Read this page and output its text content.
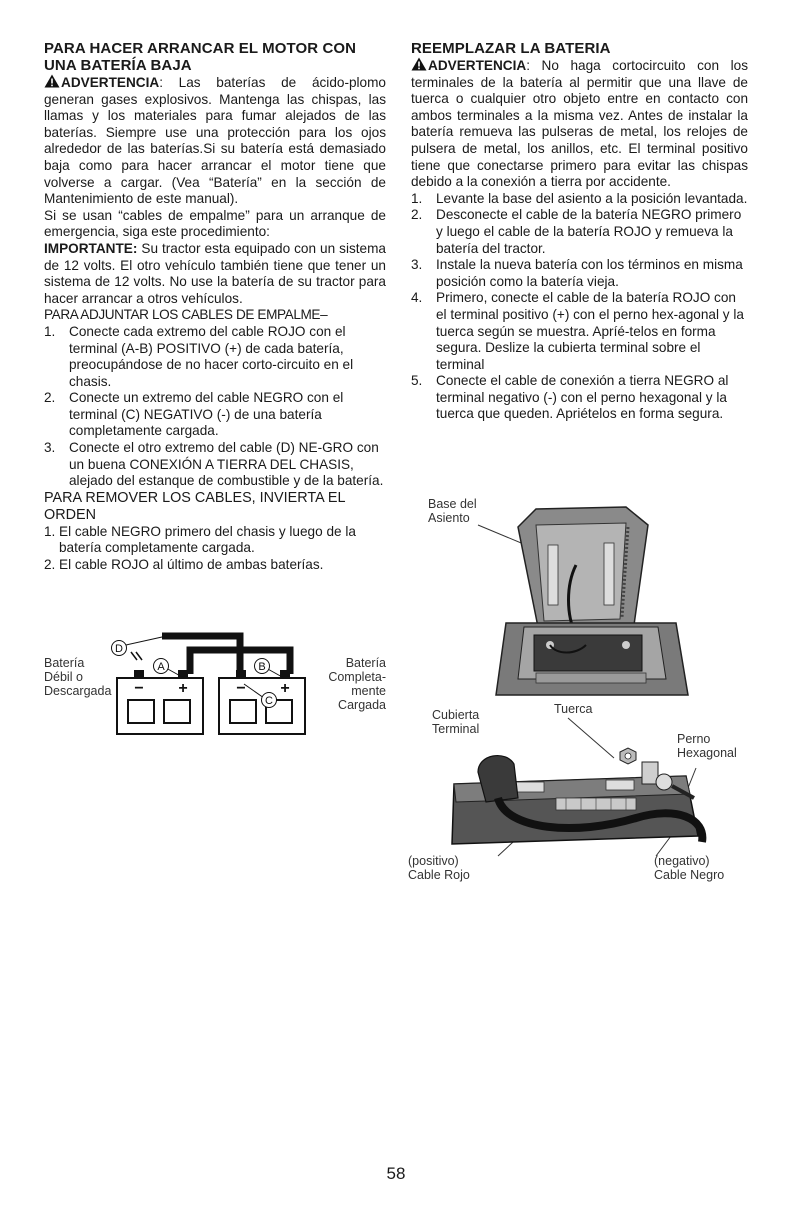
PARA HACER ARRANCAR EL MOTOR CON

UNA BATERÍA BAJA

ADVERTENCIA: Las baterías de ácido-plomo generan gases explosivos. Mantenga las chispas, las llamas y los materiales para fumar alejados de las baterías. Siempre use una protección para los ojos alrededor de las baterías.Si su batería está demasiado baja como para hacer arrancar el motor tiene que volverse a cargar. (Vea “Batería” en la sección de Mantenimiento de este manual).

Si se usan “cables de empalme” para un arranque de emergencia, siga este procedimiento:

IMPORTANTE: Su tractor esta equipado con un sistema de 12 volts. El otro vehículo también tiene que tener un sistema de 12 volts. No use la batería de su tractor para hacer arrancar a otros vehículos.

PARA ADJUNTAR LOS CABLES DE EMPALME–

1. Conecte cada extremo del cable ROJO con el terminal (A-B) POSITIVO (+) de cada batería, preocupándose de no hacer corto-circuito en el chasis.
2. Conecte un extremo del cable NEGRO con el terminal (C) NEGATIVO (-) de una batería completamente cargada.
3. Conecte el otro extremo del cable (D) NE-GRO con un buena CONEXIÓN A TIERRA DEL CHASIS, alejado del estanque de combustible y de la batería.

PARA REMOVER LOS CABLES, INVIERTA EL ORDEN

1. El cable NEGRO primero del chasis y luego de la batería completamente cargada.
2. El cable ROJO al último de ambas baterías.
Batería
Débil o
Descargada
Batería
Completa-
mente
Cargada
D
A	B
C
− +	− +

REEMPLAZAR LA BATERIA

ADVERTENCIA: No haga cortocircuito con los terminales de la batería al permitir que una llave de tuerca o cualquier otro objeto entre en contacto con ambos terminales a la misma vez. Antes de instalar la batería remueva las pulseras de metal, los relojes de pulsera de metal, los anillos, etc. El terminal positivo tiene que conectarse primero para evitar las chispas debido a la conexión a tierra por accidente.

1. Levante la base del asiento a la posición levantada.
2. Desconecte el cable de la batería NEGRO primero y luego el cable de la batería ROJO y remueva la batería del tractor.
3. Instale la nueva batería con los términos en misma posición como la batería vieja.
4. Primero, conecte el cable de la batería ROJO con el terminal positivo (+) con el perno hex-agonal y la tuerca según se muestra. Apríé-telos en forma segura. Deslize la cubierta terminal sobre el terminal
5. Conecte el cable de conexión a tierra NEGRO al terminal negativo (-) con el perno hexagonal y la tuerca que queden. Apriételos en forma segura.
Base del
Asiento
Cubierta
Terminal
Tuerca
Perno
Hexagonal
(positivo)
Cable Rojo
(negativo)
Cable Negro
58
